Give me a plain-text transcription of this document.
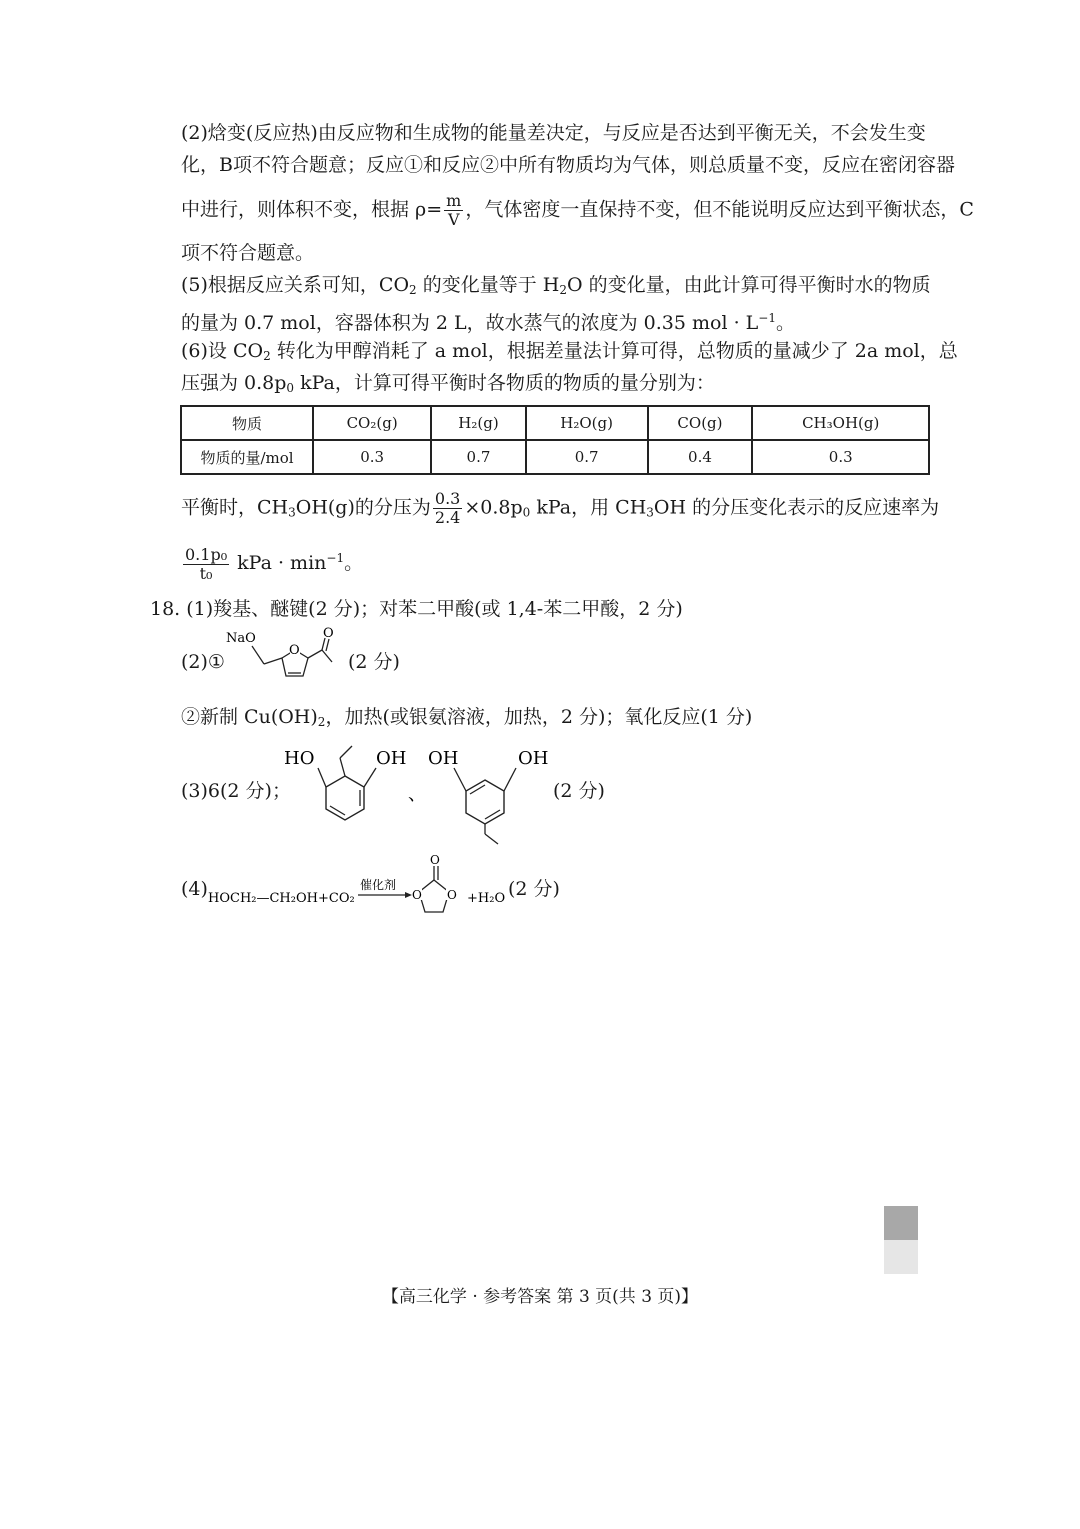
(2)焓变(反应热)由反应物和生成物的能量差决定，与反应是否达到平衡无关，不会发生变
化，B项不符合题意；反应①和反应②中所有物质均为气体，则总质量不变，反应在密闭容器
中进行，则体积不变，根据 $\rho= \frac{m}{V}$ ，气体密度一直保持不变，但不能说明反应达到平衡状态，C
项不符合题意。
(5)根据反应关系可知，$CO_2$ 的变化量等于 $H_2O$ 的变化量，由此计算可得平衡时水的物质
的量为 0.7 mol，容器体积为 2 L，故水蒸气的浓度为 0.35 mol · $L^{-1}$。
(6)设 $CO_2$ 转化为甲醇消耗了 a mol，根据差量法计算可得，总物质的量减少了 2a mol，总
压强为 $0.8p_0$ kPa，计算可得平衡时各物质的物质的量分别为：
物质	CO₂(g)	H₂(g)	H₂O(g)	CO(g)	CH₃OH(g)
物质的量/mol	0.3	0.7	0.7	0.4	0.3
平衡时，$CH_3OH(g)$的分压为 $\frac{0.3}{2.4} \times 0.8p_0$ kPa，用 $CH_3OH$ 的分压变化表示的反应速率为
$\frac{\text{0.1p₀}}{\text{t₀}}$ kPa · $\min^{-1}$。
18. (1)羧基、醚键(2 分)；对苯二甲酸(或 1,4-苯二甲酸，2 分)
(2)①
NaO
O
O
(2 分)
②新制 $Cu(OH)_2$，加热(或银氨溶液，加热，2 分)；氧化反应(1 分)
(3)6(2 分)；
HO	OH
、
OH	OH
(2 分)
(4) HOCH₂—CH₂OH+CO₂
催化剂
O
O O +H₂O (2 分)
【高三化学 · 参考答案 第 3 页(共 3 页)】
